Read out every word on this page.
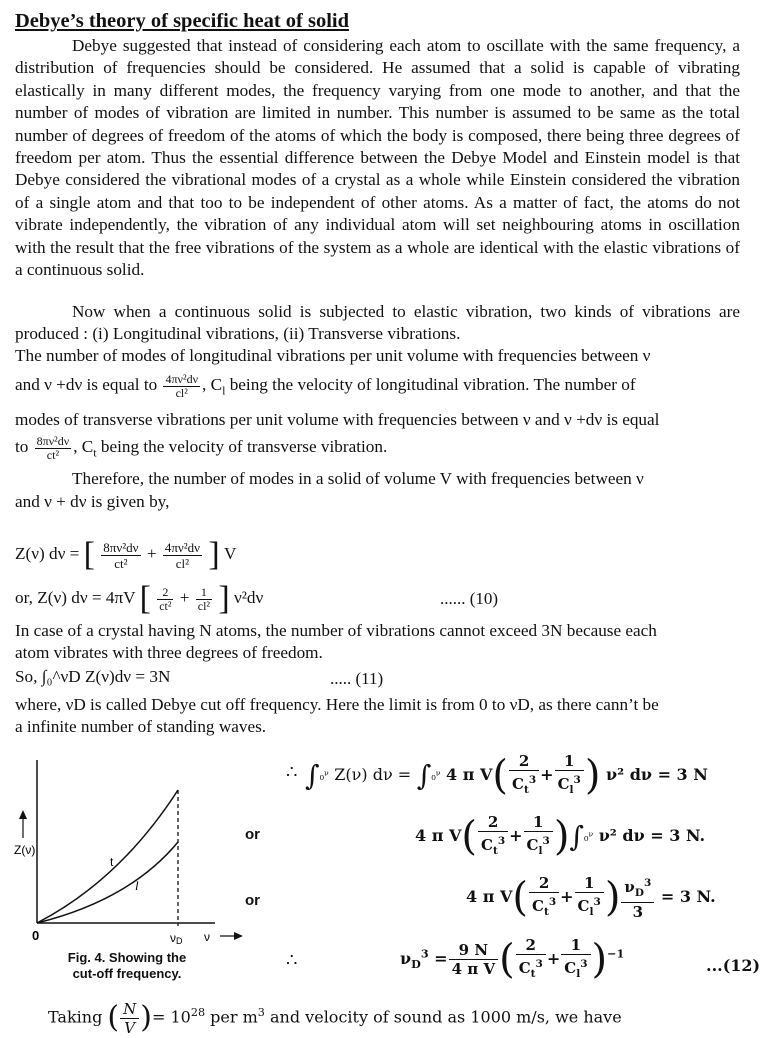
Debye’s theory of specific heat of solid

Debye suggested that instead of considering each atom to oscillate with the same frequency, a distribution of frequencies should be considered. He assumed that a solid is capable of vibrating elastically in many different modes, the frequency varying from one mode to another, and that the number of modes of vibration are limited in number. This number is assumed to be same as the total number of degrees of freedom of the atoms of which the body is composed, there being three degrees of freedom per atom. Thus the essential difference between the Debye Model and Einstein model is that Debye considered the vibrational modes of a crystal as a whole while Einstein considered the vibration of a single atom and that too to be independent of other atoms. As a matter of fact, the atoms do not vibrate independently, the vibration of any individual atom will set neighbouring atoms in oscillation with the result that the free vibrations of the system as a whole are identical with the elastic vibrations of a continuous solid.

Now when a continuous solid is subjected to elastic vibration, two kinds of vibrations are produced : (i) Longitudinal vibrations, (ii) Transverse vibrations.

The number of modes of longitudinal vibrations per unit volume with frequencies between ν

and ν +dν is equal to $\frac{\text{4πν²dν}}{\text{cl²}}$ , $C_l$ being the velocity of longitudinal vibration. The number of

modes of transverse vibrations per unit volume with frequencies between ν and ν +dν is equal

to $\frac{\text{8πν²dν}}{\text{ct²}}$ , $C_t$ being the velocity of transverse vibration.

Therefore, the number of modes in a solid of volume V with frequencies between ν

and ν + dν is given by,

Z(ν) dν = [ $\frac{\text{8πν²dν}}{\text{ct²}} + \frac{\text{4πν²dν}}{\text{cl²}}$ ] V

or, Z(ν) dν = 4πV [ $\frac{2}{\text{ct²}} + \frac{1}{\text{cl²}}$ ] ν²dν	...... (10)

In case of a crystal having N atoms, the number of vibrations cannot exceed 3N because each

atom vibrates with three degrees of freedom.

So, ∫₀^νD Z(ν)dν = 3N	..... (11)

where, νD is called Debye cut off frequency. Here the limit is from 0 to νD, as there cann’t be

a infinite number of standing waves.

Z(ν)
0
t
l
νD ν
Fig. 4. Showing the
cut-off frequency.
∴ ∫₀$^\nu$ Z(ν) dν = ∫₀$^\nu$ 4 π $V( \frac{2}{C_t^3} + \frac{1}{C_l^3}$ ) ν² dν = 3 N
or	4 π $V( \frac{2}{C_t^3} + \frac{1}{C_l^3} )\int_0^\nu$ ν² dν = 3 N.
or	4 π $V( \frac{2}{C_t^3} + \frac{1}{C_l^3}$ ) $\frac{\nu_D^3}{3} = 3$ N.
∴	$\nu_D^3 = \frac{9 N}{\text{4 π V}}$ ( $\frac{2}{C_t^3} + \frac{1}{C_l^3} )^{-1}$
...(12)
Taking ( $\frac{N}{V}$ )= $10^{28}$ per $m^3$ and velocity of sound as 1000 m/s, we have
